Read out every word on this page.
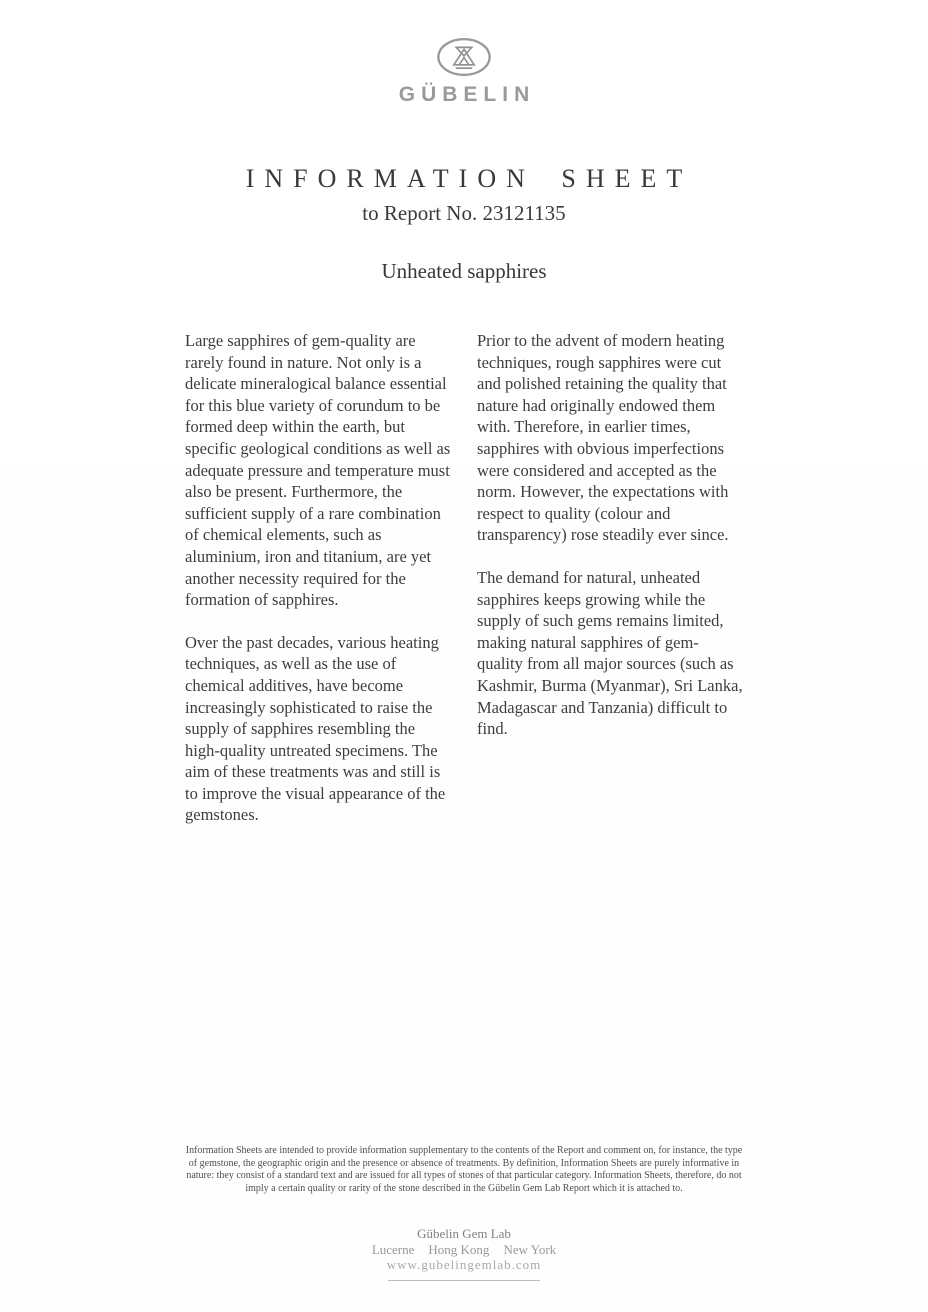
GÜBELIN
INFORMATION SHEET
to Report No. 23121135
Unheated sapphires

Large sapphires of gem-quality are rarely found in nature. Not only is a delicate mineralogical balance essential for this blue variety of corundum to be formed deep within the earth, but specific geological conditions as well as adequate pressure and temperature must also be present. Furthermore, the sufficient supply of a rare combination of chemical elements, such as aluminium, iron and titanium, are yet another necessity required for the formation of sapphires.

Over the past decades, various heating techniques, as well as the use of chemical additives, have become increasingly sophisticated to raise the supply of sapphires resembling the high-quality untreated specimens. The aim of these treatments was and still is to improve the visual appearance of the gemstones.

Prior to the advent of modern heating techniques, rough sapphires were cut and polished retaining the quality that nature had originally endowed them with. Therefore, in earlier times, sapphires with obvious imperfections were considered and accepted as the norm. However, the expectations with respect to quality (colour and transparency) rose steadily ever since.

The demand for natural, unheated sapphires keeps growing while the supply of such gems remains limited, making natural sapphires of gem-quality from all major sources (such as Kashmir, Burma (Myanmar), Sri Lanka, Madagascar and Tanzania) difficult to find.

Information Sheets are intended to provide information supplementary to the contents of the Report and comment on, for instance, the type of gemstone, the geographic origin and the presence or absence of treatments. By definition, Information Sheets are purely informative in nature: they consist of a standard text and are issued for all types of stones of that particular category. Information Sheets, therefore, do not imply a certain quality or rarity of the stone described in the Gübelin Gem Lab Report which it is attached to.
Gübelin Gem Lab
Lucerne Hong Kong New York
www.gubelingemlab.com
